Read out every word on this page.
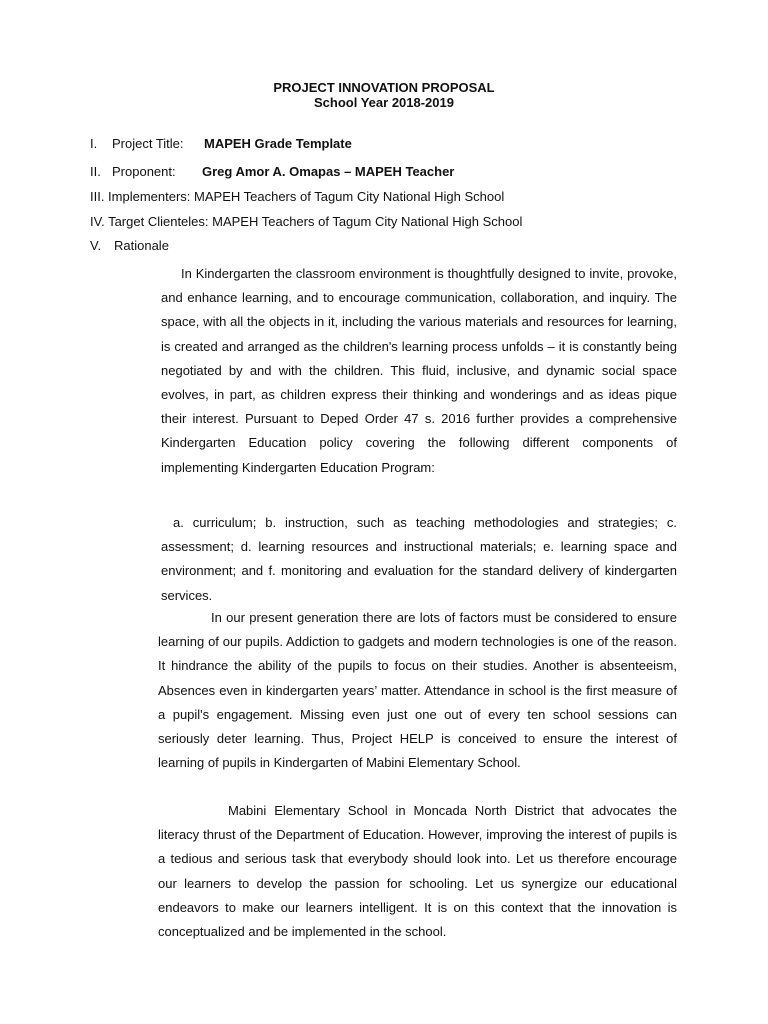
PROJECT INNOVATION PROPOSAL
School Year 2018-2019
I. Project Title: MAPEH Grade Template
II. Proponent: Greg Amor A. Omapas – MAPEH Teacher
III. Implementers: MAPEH Teachers of Tagum City National High School
IV. Target Clienteles: MAPEH Teachers of Tagum City National High School
V. Rationale

In Kindergarten the classroom environment is thoughtfully designed to invite, provoke, and enhance learning, and to encourage communication, collaboration, and inquiry. The space, with all the objects in it, including the various materials and resources for learning, is created and arranged as the children's learning process unfolds – it is constantly being negotiated by and with the children. This fluid, inclusive, and dynamic social space evolves, in part, as children express their thinking and wonderings and as ideas pique their interest. Pursuant to Deped Order 47 s. 2016 further provides a comprehensive Kindergarten Education policy covering the following different components of implementing Kindergarten Education Program:

a. curriculum; b. instruction, such as teaching methodologies and strategies; c. assessment; d. learning resources and instructional materials; e. learning space and environment; and f. monitoring and evaluation for the standard delivery of kindergarten services.

In our present generation there are lots of factors must be considered to ensure learning of our pupils. Addiction to gadgets and modern technologies is one of the reason. It hindrance the ability of the pupils to focus on their studies. Another is absenteeism, Absences even in kindergarten years’ matter. Attendance in school is the first measure of a pupil's engagement. Missing even just one out of every ten school sessions can seriously deter learning. Thus, Project HELP is conceived to ensure the interest of learning of pupils in Kindergarten of Mabini Elementary School.

Mabini Elementary School in Moncada North District that advocates the literacy thrust of the Department of Education. However, improving the interest of pupils is a tedious and serious task that everybody should look into. Let us therefore encourage our learners to develop the passion for schooling. Let us synergize our educational endeavors to make our learners intelligent. It is on this context that the innovation is conceptualized and be implemented in the school.
